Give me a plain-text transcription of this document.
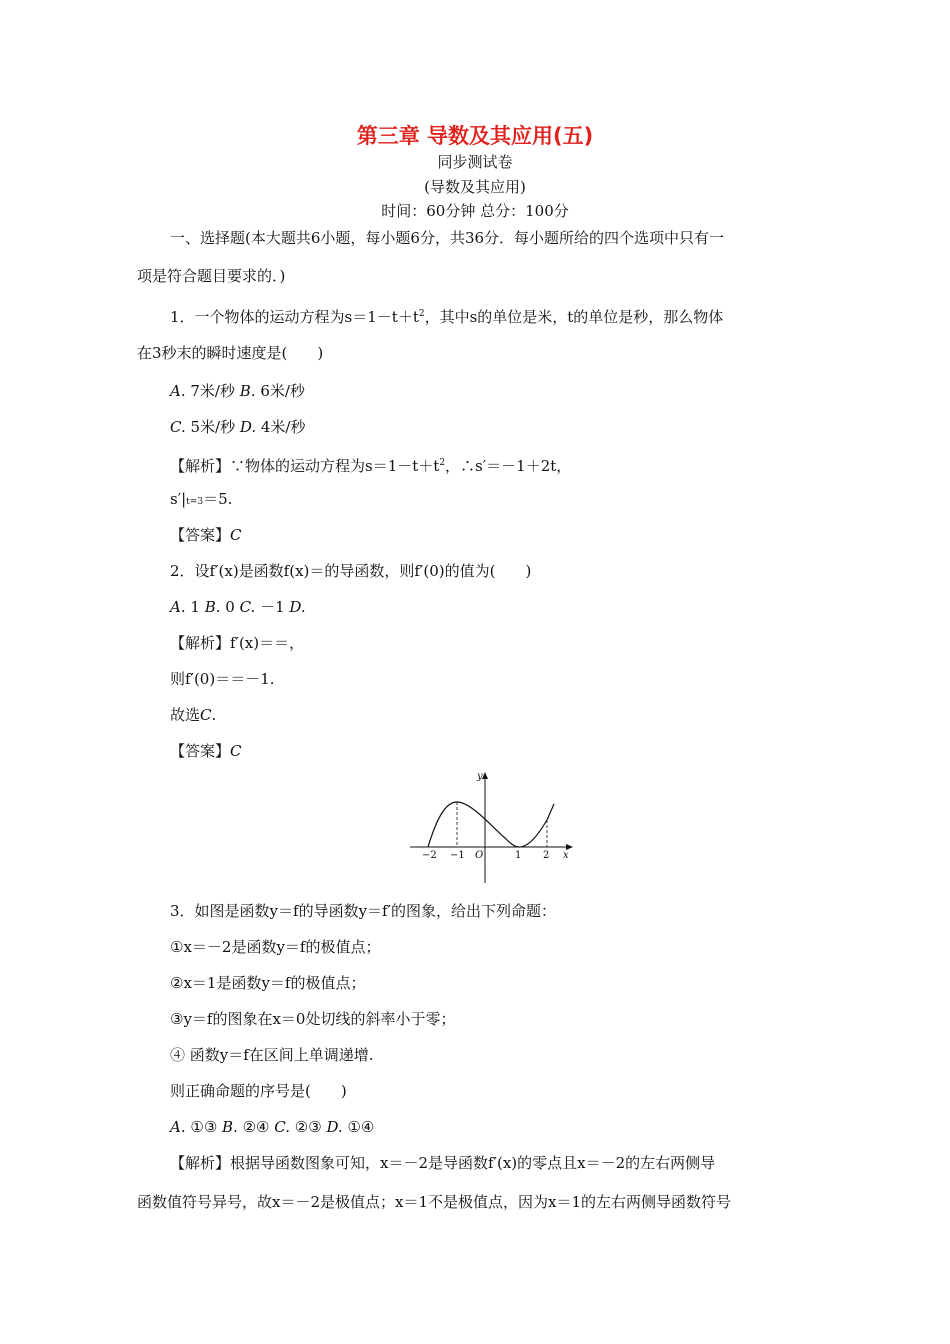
第三章 导数及其应用(五)
同步测试卷
(导数及其应用)
时间：60分钟 总分：100分
一、选择题(本大题共6小题，每小题6分，共36分．每小题所给的四个选项中只有一
项是符合题目要求的．)
1．一个物体的运动方程为$s=1-t+t^2$，其中s的单位是米，t的单位是秒，那么物体
在3秒末的瞬时速度是(　　)
A. 7米/秒 B. 6米/秒
C. 5米/秒 D. 4米/秒
【解析】∵物体的运动方程为$s=1-t+t^2$，∴s′＝－1＋2t，
s′|t=3＝5.
【答案】C
2．设f′(x)是函数f(x)＝的导函数，则f′(0)的值为(　　)
A. 1 B. 0 C. －1 D.
【解析】f′(x)＝＝，
则f′(0)＝＝－1.
故选C.
【答案】C
y
x
−2 −1 O	1 2
3．如图是函数y＝f的导函数y＝f′的图象，给出下列命题：
①x＝－2是函数y＝f的极值点；
②x＝1是函数y＝f的极值点；
③y＝f的图象在x＝0处切线的斜率小于零；
④ 函数y＝f在区间上单调递增.
则正确命题的序号是(　　)
A. ①③ B. ②④ C. ②③ D. ①④
【解析】根据导函数图象可知，x＝－2是导函数f′(x)的零点且x＝－2的左右两侧导
函数值符号异号，故x＝－2是极值点；x＝1不是极值点，因为x＝1的左右两侧导函数符号
